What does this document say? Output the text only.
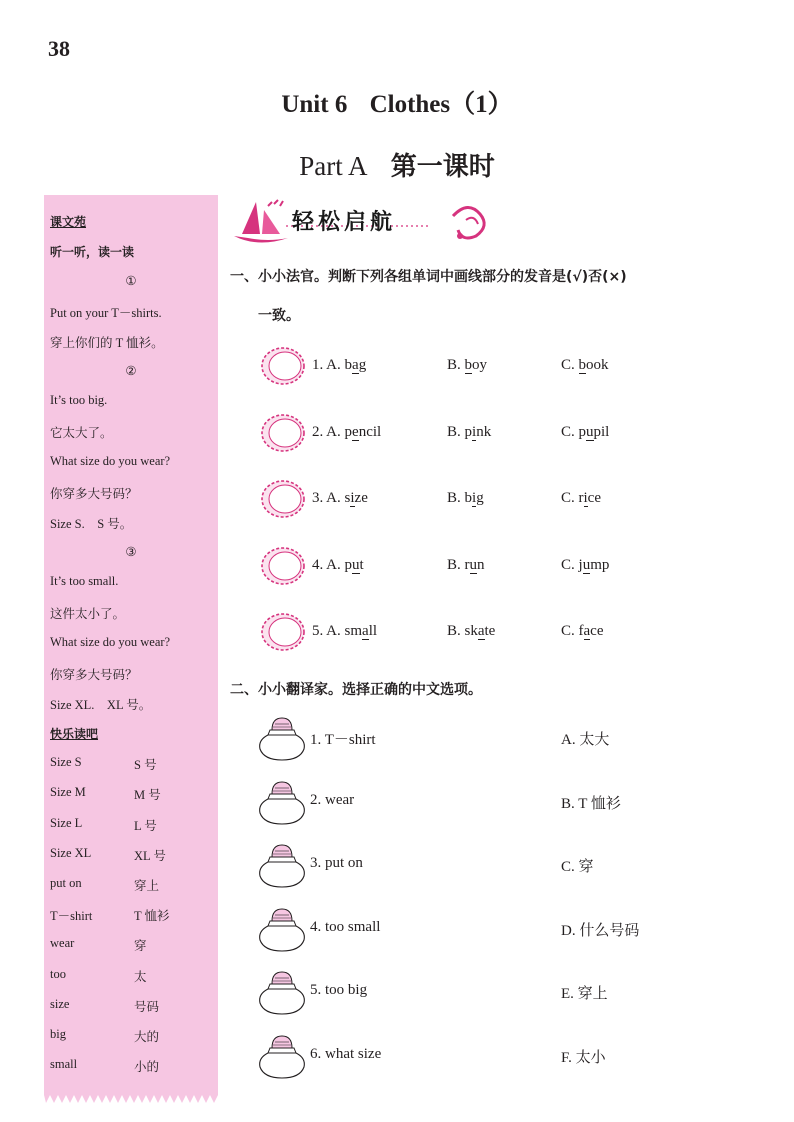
38
Unit 6 Clothes（1）
Part A 第一课时
课文苑
听一听，读一读
①
Put on your T－shirts.
穿上你们的 T 恤衫。
②
It’s too big.
它太大了。
What size do you wear?
你穿多大号码？
Size S.　S 号。
③
It’s too small.
这件太小了。
What size do you wear?
你穿多大号码？
Size XL.　XL 号。
快乐读吧
Size S	S 号
Size M	M 号
Size L	L 号
Size XL	XL 号
put on	穿上
T－shirt	T 恤衫
wear	穿
too	太
size	号码
big	大的
small	小的
轻松启航
一、小小法官。判断下列各组单词中画线部分的发音是(√)否(×)
一致。
1. A. bag	B. boy	C. book
2. A. pencil	B. pink	C. pupil
3. A. size	B. big	C. rice
4. A. put	B. run	C. jump
5. A. small	B. skate	C. face
二、小小翻译家。选择正确的中文选项。
1. T－shirt	A. 太大
2. wear	B. T 恤衫
3. put on	C. 穿
4. too small	D. 什么号码
5. too big	E. 穿上
6. what size	F. 太小
